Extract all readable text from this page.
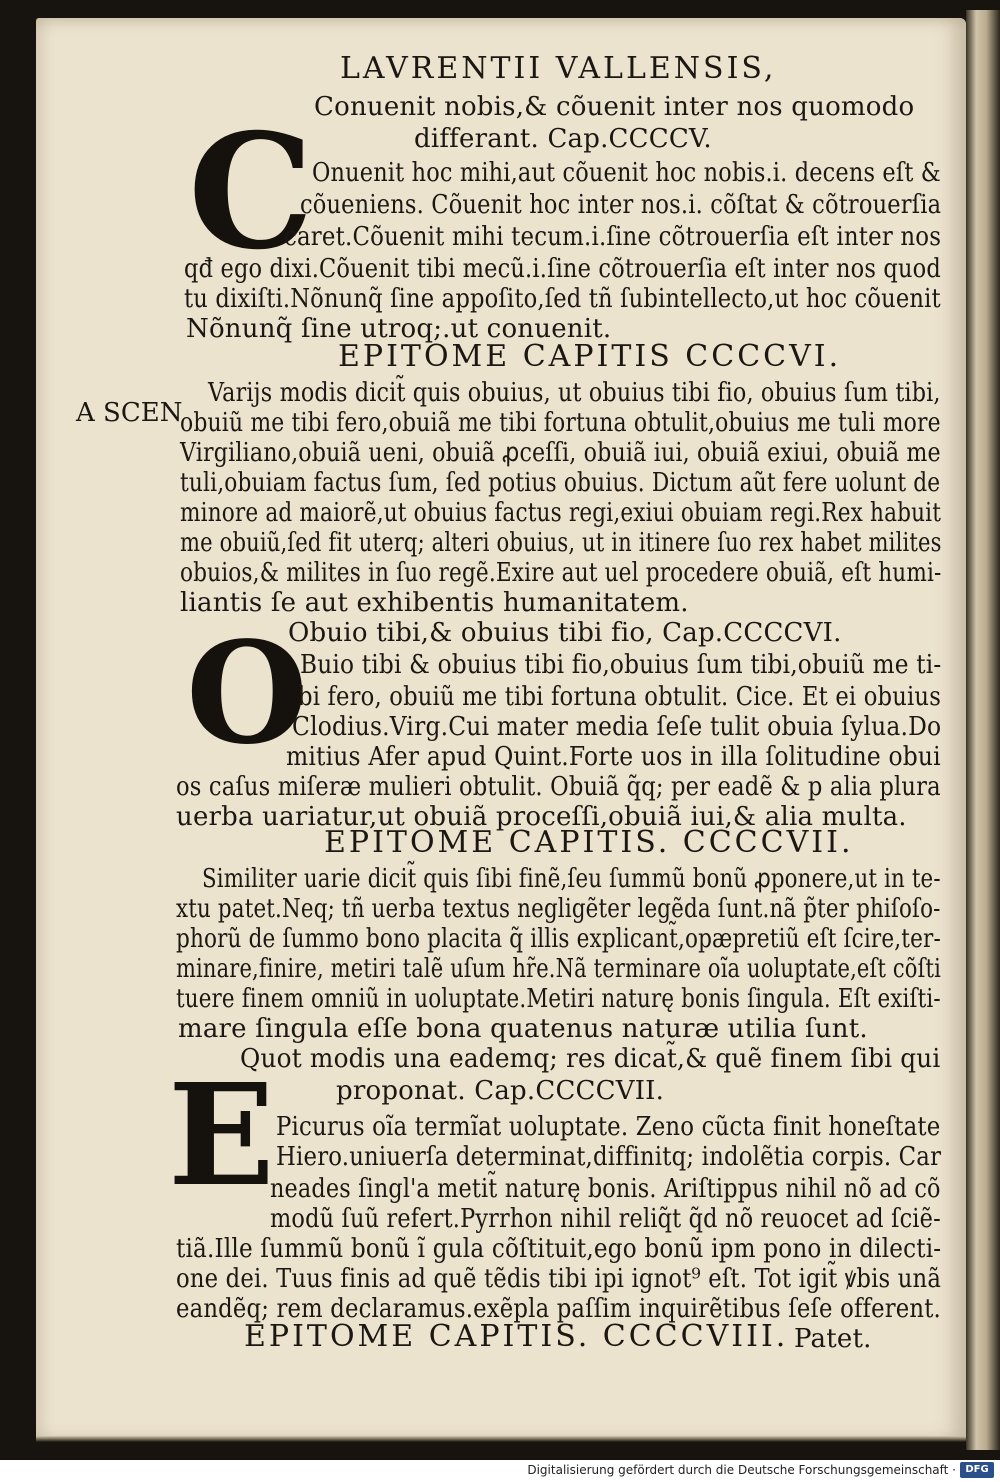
LAVRENTII VALLENSIS,
Conuenit nobis,& cõuenit inter nos quomodo
differant. Cap.CCCCV.
C
Onuenit hoc mihi,aut cõuenit hoc nobis.i. decens eſt &
cõueniens. Cõuenit hoc inter nos.i. cõſtat & cõtrouerſia
caret.Cõuenit mihi tecum.i.ſine cõtrouerſia eſt inter nos
qđ ego dixi.Cõuenit tibi mecũ.i.ſine cõtrouerſia eſt inter nos quod
tu dixiſti.Nõnunq̃ ſine appoſito,ſed tñ ſubintellecto,ut hoc cõuenit
Nõnunq̃ ſine utroq;.ut conuenit.
EPITOME CAPITIS CCCCVI.
A SCEN
Varijs modis dicit̃ quis obuius, ut obuius tibi fio, obuius ſum tibi,
obuiũ me tibi fero,obuiã me tibi fortuna obtulit,obuius me tuli more
Virgiliano,obuiã ueni, obuiã ꝓceſſi, obuiã iui, obuiã exiui, obuiã me
tuli,obuiam factus ſum, ſed potius obuius. Dictum aũt fere uolunt de
minore ad maiorẽ,ut obuius factus regi,exiui obuiam regi.Rex habuit
me obuiũ,ſed fit uterq; alteri obuius, ut in itinere ſuo rex habet milites
obuios,& milites in ſuo regẽ.Exire aut uel procedere obuiã, eſt humi-
liantis ſe aut exhibentis humanitatem.
Obuio tibi,& obuius tibi fio, Cap.CCCCVI.
O
Buio tibi & obuius tibi fio,obuius ſum tibi,obuiũ me ti-
bi fero, obuiũ me tibi fortuna obtulit. Cice. Et ei obuius
Clodius.Virg.Cui mater media ſeſe tulit obuia ſylua.Do
mitius Afer apud Quint.Forte uos in illa ſolitudine obui
os caſus miſeræ mulieri obtulit. Obuiã q̃q; per eadẽ & p alia plura
uerba uariatur,ut obuiã proceſſi,obuiã iui,& alia multa.
EPITOME CAPITIS. CCCCVII.
Similiter uarie dicit̃ quis ſibi finẽ,ſeu ſummũ bonũ ꝓponere,ut in te-
xtu patet.Neq; tñ uerba textus negligẽter legẽda ſunt.nã p̃ter phiſoſo-
phorũ de ſummo bono placita q̃ illis explicant̃,opæpretiũ eſt ſcire,ter-
minare,finire, metiri talẽ uſum hr̃e.Nã terminare oĩa uoluptate,eſt cõſti
tuere finem omniũ in uoluptate.Metiri naturę bonis ſingula. Eſt exiſti-
mare ſingula eſſe bona quatenus naturæ utilia ſunt.
Quot modis una eademq; res dicat̃,& quẽ finem ſibi qui
proponat. Cap.CCCCVII.
E Picurus oĩa termĩat uoluptate. Zeno cũcta finit honeſtate
Hiero.uniuerſa determinat,diffinitq; indolẽtia corpis. Car
neades ſingl'a metit̃ naturę bonis. Ariſtippus nihil nõ ad cõ
modũ ſuũ refert.Pyrrhon nihil reliq̃t q̃d nõ reuocet ad ſciẽ-
tiã.Ille ſummũ bonũ ĩ gula cõſtituit,ego bonũ ipm pono in dilecti-
one dei. Tuus finis ad quẽ tẽdis tibi ipi ignot⁹ eſt. Tot igit̃ ꝟbis unã
eandẽq; rem declaramus.exẽpla paſſim inquirẽtibus ſeſe offerent.
EPITOME CAPITIS. CCCCVIII. Patet.
Digitalisierung gefördert durch die Deutsche Forschungsgemeinschaft · DFG
